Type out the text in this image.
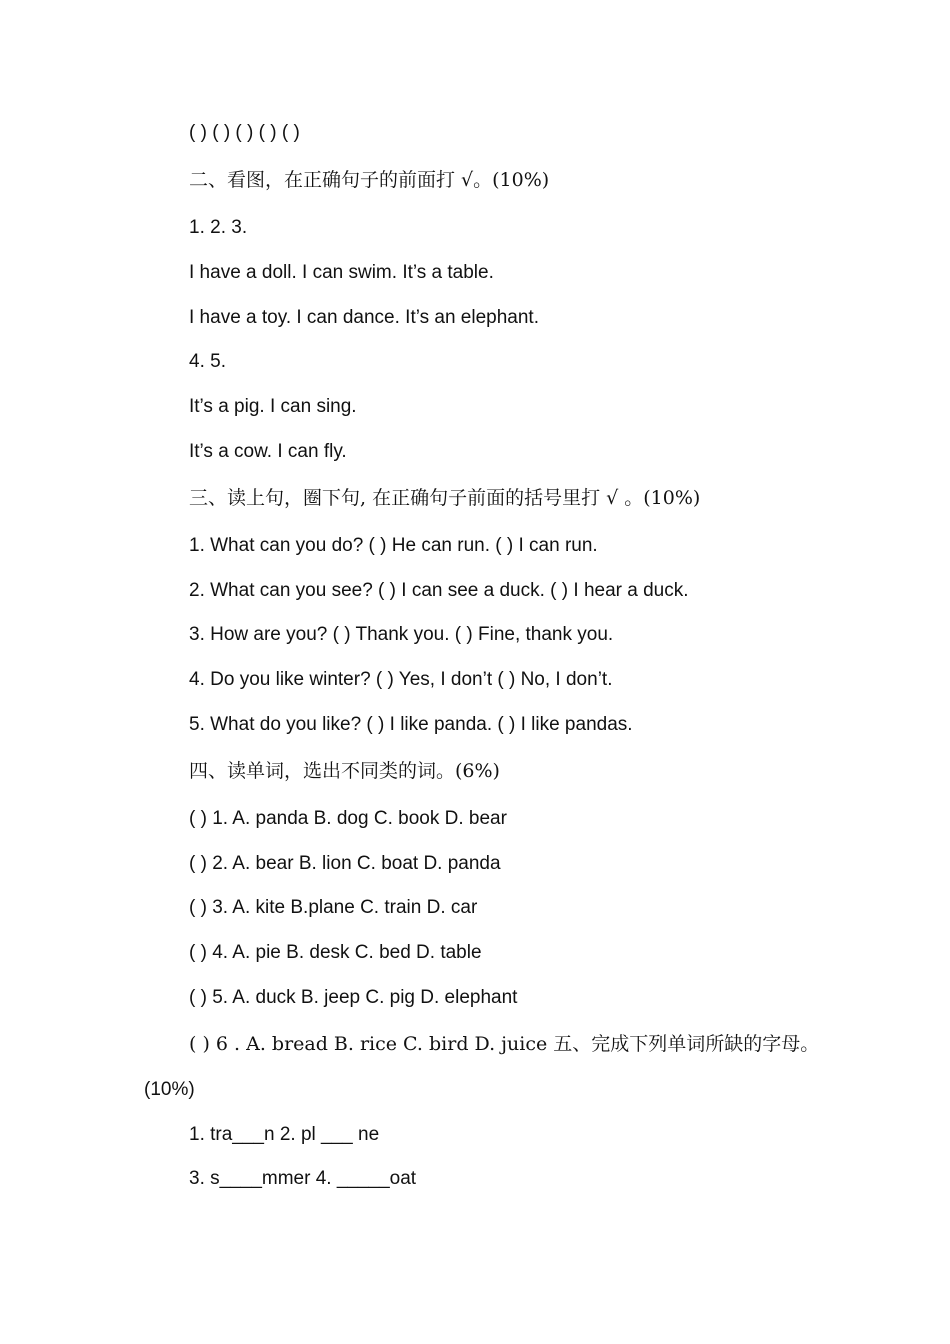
( ) ( ) ( ) ( ) ( )
二、看图，在正确句子的前面打 √。(10%)
1. 2. 3.
I have a doll. I can swim. It’s a table.
I have a toy. I can dance. It’s an elephant.
4. 5.
It’s a pig. I can sing.
It’s a cow. I can fly.
三、读上句，圈下句, 在正确句子前面的括号里打 √ 。(10%)
1. What can you do? ( ) He can run. ( ) I can run.
2. What can you see? ( ) I can see a duck. ( ) I hear a duck.
3. How are you? ( ) Thank you. ( ) Fine, thank you.
4. Do you like winter? ( ) Yes, I don’t ( ) No, I don’t.
5. What do you like? ( ) I like panda. ( ) I like pandas.
四、读单词，选出不同类的词。(6%)
( ) 1. A. panda B. dog C. book D. bear
( ) 2. A. bear B. lion C. boat D. panda
( ) 3. A. kite B.plane C. train D. car
( ) 4. A. pie B. desk C. bed D. table
( ) 5. A. duck B. jeep C. pig D. elephant
( ) 6 . A. bread B. rice C. bird D. juice 五、完成下列单词所缺的字母。
(10%)
1. tra___n 2. pl ___ ne
3. s____mmer 4. _____oat
